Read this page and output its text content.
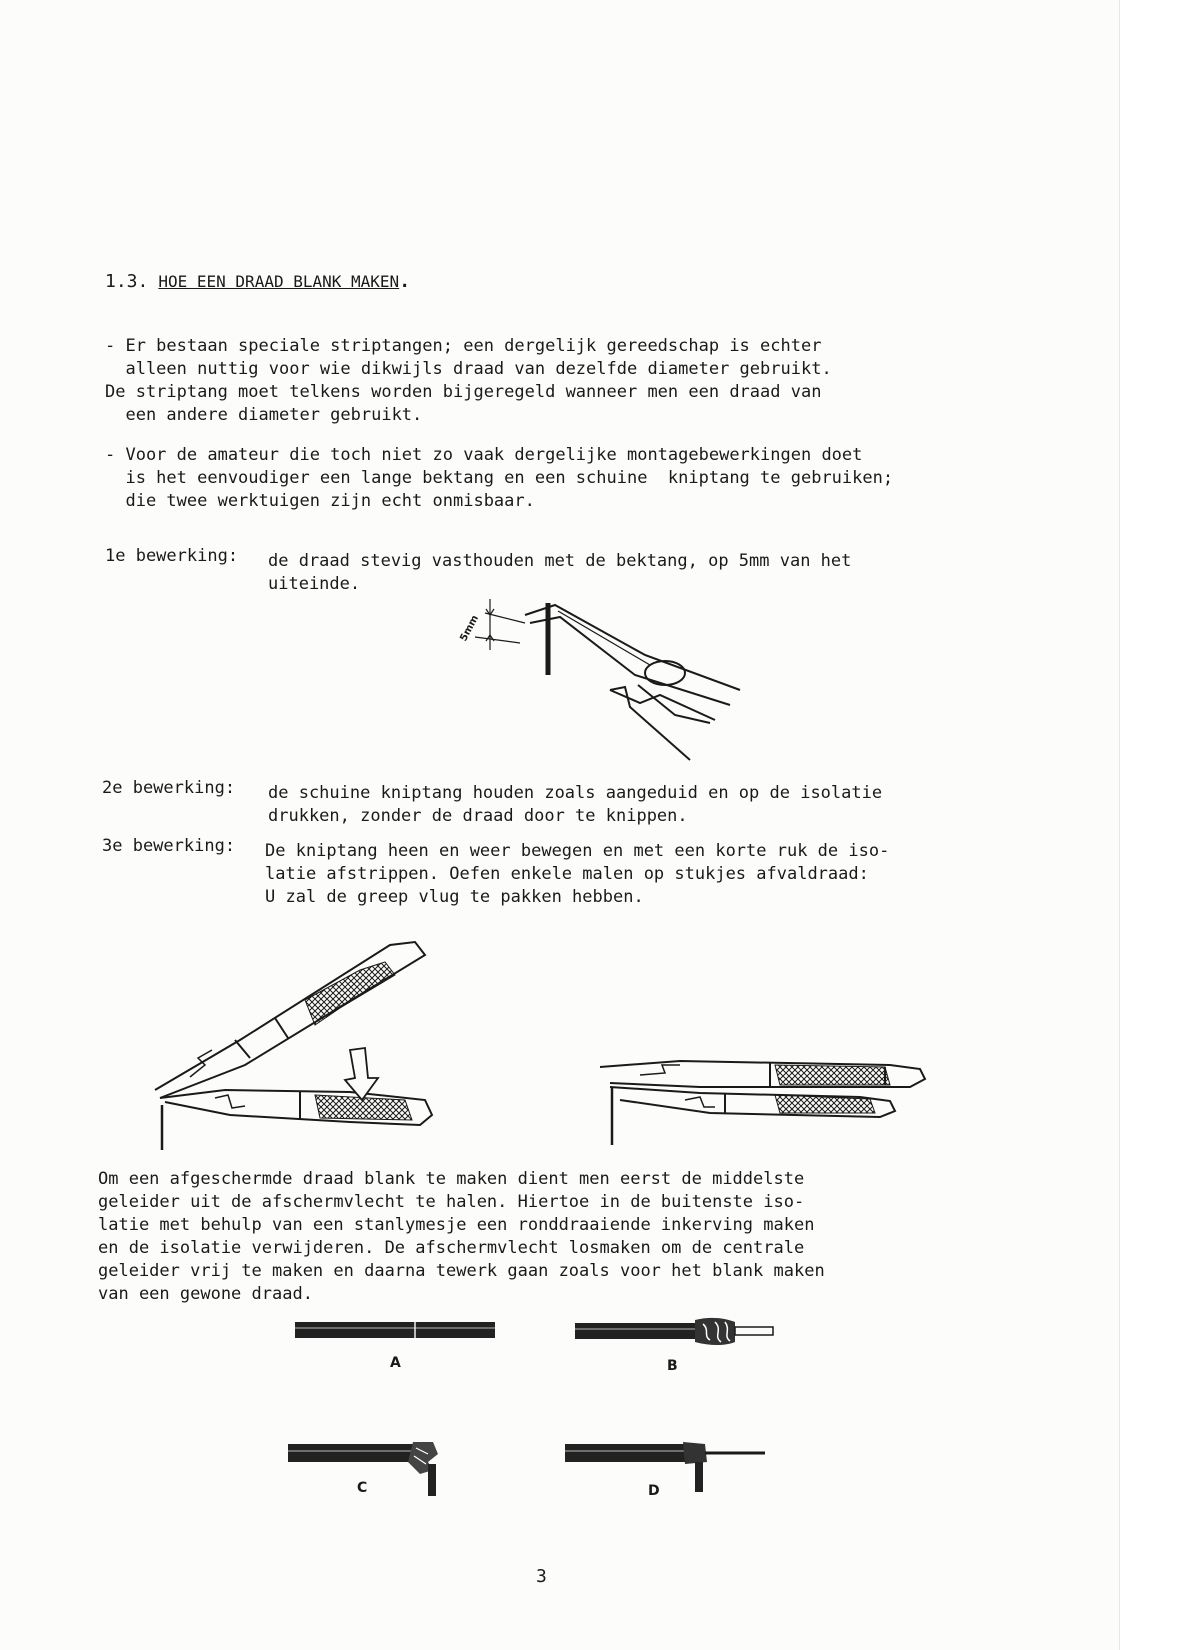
1.3. HOE EEN DRAAD BLANK MAKEN.
- Er bestaan speciale striptangen; een dergelijk gereedschap is echter
alleen nuttig voor wie dikwijls draad van dezelfde diameter gebruikt.
De striptang moet telkens worden bijgeregeld wanneer men een draad van
een andere diameter gebruikt.
- Voor de amateur die toch niet zo vaak dergelijke montagebewerkingen doet
is het eenvoudiger een lange bektang en een schuine  kniptang te gebruiken;
die twee werktuigen zijn echt onmisbaar.
1e bewerking: de draad stevig vasthouden met de bektang, op 5mm van het
uiteinde.
5mm
2e bewerking: de schuine kniptang houden zoals aangeduid en op de isolatie
drukken, zonder de draad door te knippen.
3e bewerking: De kniptang heen en weer bewegen en met een korte ruk de iso-
latie afstrippen. Oefen enkele malen op stukjes afvaldraad:
U zal de greep vlug te pakken hebben.
Om een afgeschermde draad blank te maken dient men eerst de middelste
geleider uit de afschermvlecht te halen. Hiertoe in de buitenste iso-
latie met behulp van een stanlymesje een ronddraaiende inkerving maken
en de isolatie verwijderen. De afschermvlecht losmaken om de centrale
geleider vrij te maken en daarna tewerk gaan zoals voor het blank maken
van een gewone draad.
A	B
C	D
3
